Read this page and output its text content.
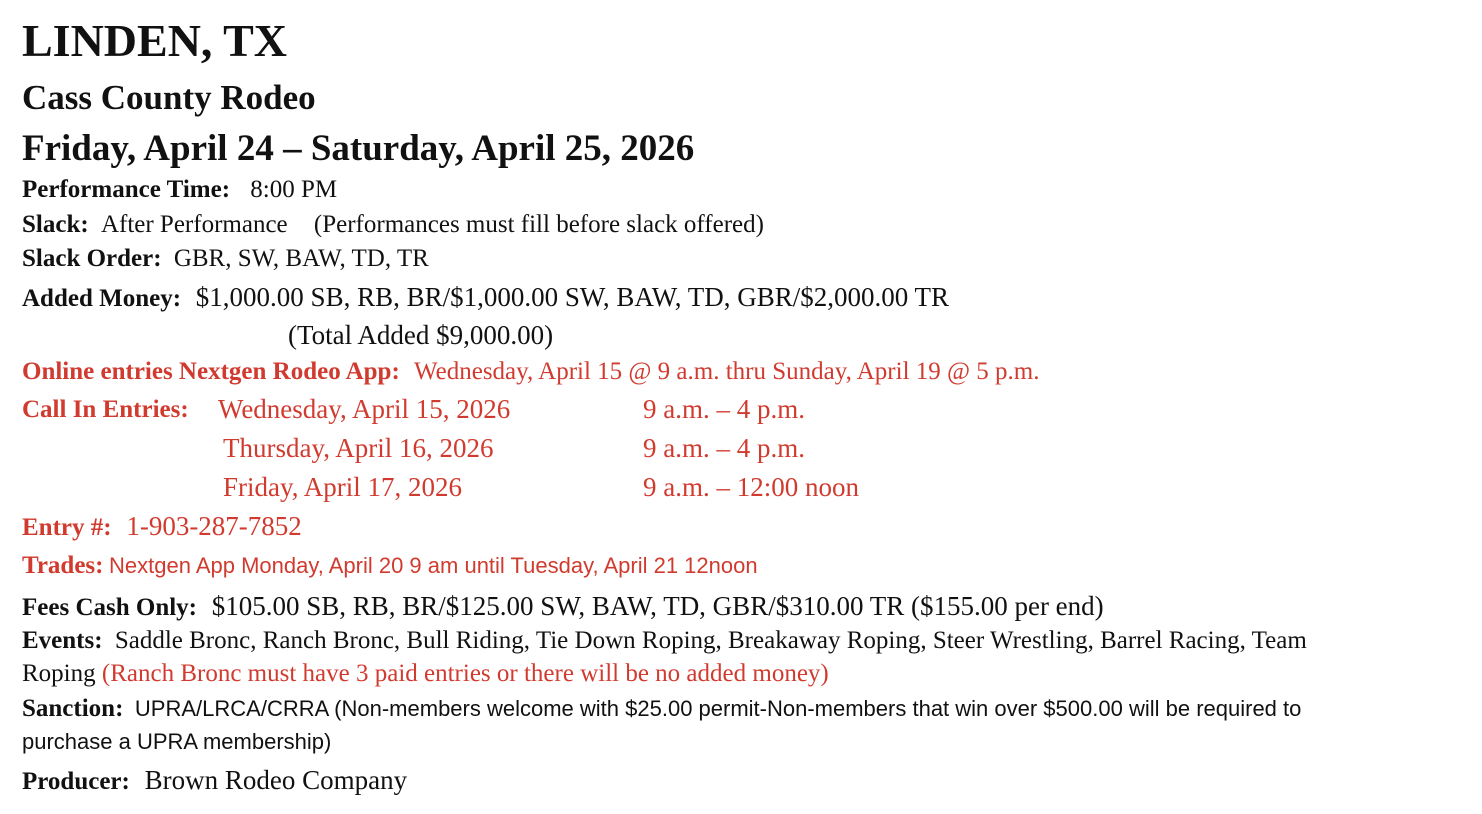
LINDEN, TX
Cass County Rodeo
Friday, April 24 – Saturday, April 25, 2026
Performance Time: 8:00 PM
Slack: After Performance (Performances must fill before slack offered)
Slack Order: GBR, SW, BAW, TD, TR
Added Money: $1,000.00 SB, RB, BR/$1,000.00 SW, BAW, TD, GBR/$2,000.00 TR
(Total Added $9,000.00)
Online entries Nextgen Rodeo App: Wednesday, April 15 @ 9 a.m. thru Sunday, April 19 @ 5 p.m.
Call In Entries: Wednesday, April 15, 2026	9 a.m. – 4 p.m.
Thursday, April 16, 2026	9 a.m. – 4 p.m.
Friday, April 17, 2026	9 a.m. – 12:00 noon
Entry #: 1-903-287-7852
Trades: Nextgen App Monday, April 20 9 am until Tuesday, April 21 12noon
Fees Cash Only: $105.00 SB, RB, BR/$125.00 SW, BAW, TD, GBR/$310.00 TR ($155.00 per end)
Events: Saddle Bronc, Ranch Bronc, Bull Riding, Tie Down Roping, Breakaway Roping, Steer Wrestling, Barrel Racing, Team
Roping (Ranch Bronc must have 3 paid entries or there will be no added money)
Sanction: UPRA/LRCA/CRRA (Non-members welcome with $25.00 permit-Non-members that win over $500.00 will be required to
purchase a UPRA membership)
Producer: Brown Rodeo Company
